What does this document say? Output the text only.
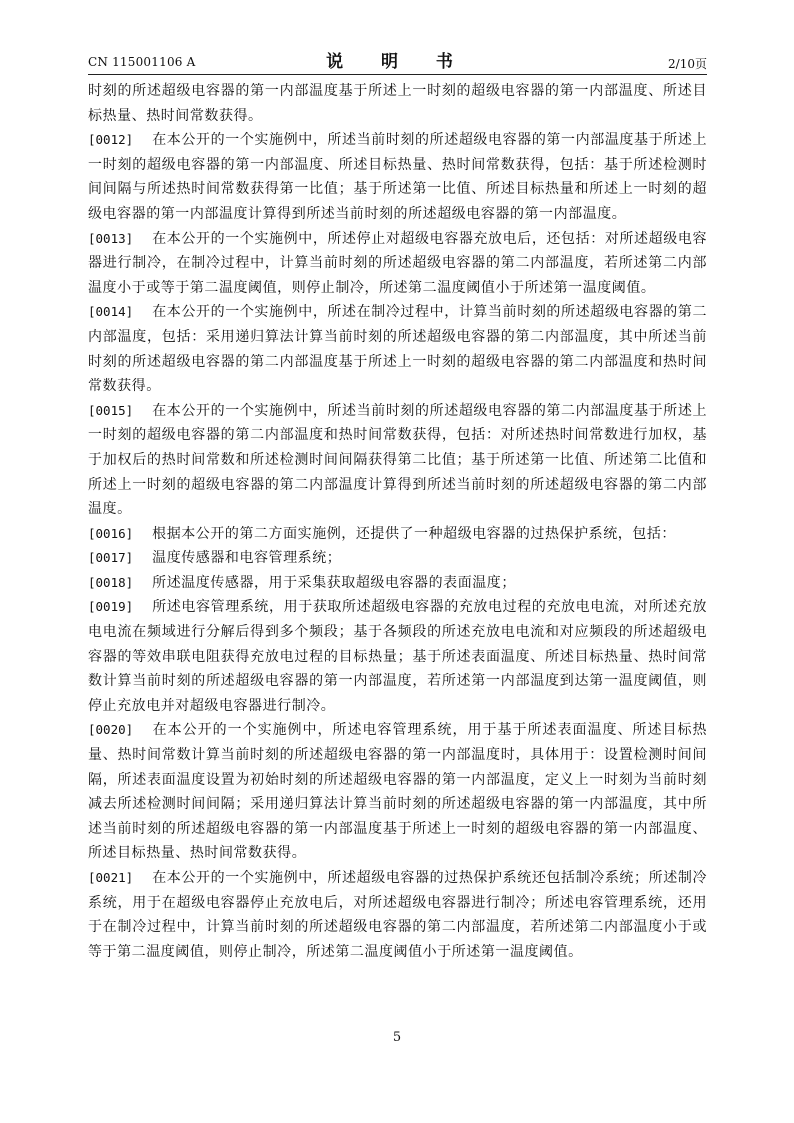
CN 115001106 A	说 明 书	2/10页

时刻的所述超级电容器的第一内部温度基于所述上一时刻的超级电容器的第一内部温度、所述目标热量、热时间常数获得。

[0012] 在本公开的一个实施例中，所述当前时刻的所述超级电容器的第一内部温度基于所述上一时刻的超级电容器的第一内部温度、所述目标热量、热时间常数获得，包括：基于所述检测时间间隔与所述热时间常数获得第一比值；基于所述第一比值、所述目标热量和所述上一时刻的超级电容器的第一内部温度计算得到所述当前时刻的所述超级电容器的第一内部温度。

[0013] 在本公开的一个实施例中，所述停止对超级电容器充放电后，还包括：对所述超级电容器进行制冷，在制冷过程中，计算当前时刻的所述超级电容器的第二内部温度，若所述第二内部温度小于或等于第二温度阈值，则停止制冷，所述第二温度阈值小于所述第一温度阈值。

[0014] 在本公开的一个实施例中，所述在制冷过程中，计算当前时刻的所述超级电容器的第二内部温度，包括：采用递归算法计算当前时刻的所述超级电容器的第二内部温度，其中所述当前时刻的所述超级电容器的第二内部温度基于所述上一时刻的超级电容器的第二内部温度和热时间常数获得。

[0015] 在本公开的一个实施例中，所述当前时刻的所述超级电容器的第二内部温度基于所述上一时刻的超级电容器的第二内部温度和热时间常数获得，包括：对所述热时间常数进行加权，基于加权后的热时间常数和所述检测时间间隔获得第二比值；基于所述第一比值、所述第二比值和所述上一时刻的超级电容器的第二内部温度计算得到所述当前时刻的所述超级电容器的第二内部温度。

[0016] 根据本公开的第二方面实施例，还提供了一种超级电容器的过热保护系统，包括：

[0017] 温度传感器和电容管理系统；

[0018] 所述温度传感器，用于采集获取超级电容器的表面温度；

[0019] 所述电容管理系统，用于获取所述超级电容器的充放电过程的充放电电流，对所述充放电电流在频域进行分解后得到多个频段；基于各频段的所述充放电电流和对应频段的所述超级电容器的等效串联电阻获得充放电过程的目标热量；基于所述表面温度、所述目标热量、热时间常数计算当前时刻的所述超级电容器的第一内部温度，若所述第一内部温度到达第一温度阈值，则停止充放电并对超级电容器进行制冷。

[0020] 在本公开的一个实施例中，所述电容管理系统，用于基于所述表面温度、所述目标热量、热时间常数计算当前时刻的所述超级电容器的第一内部温度时，具体用于：设置检测时间间隔，所述表面温度设置为初始时刻的所述超级电容器的第一内部温度，定义上一时刻为当前时刻减去所述检测时间间隔；采用递归算法计算当前时刻的所述超级电容器的第一内部温度，其中所述当前时刻的所述超级电容器的第一内部温度基于所述上一时刻的超级电容器的第一内部温度、所述目标热量、热时间常数获得。

[0021] 在本公开的一个实施例中，所述超级电容器的过热保护系统还包括制冷系统；所述制冷系统，用于在超级电容器停止充放电后，对所述超级电容器进行制冷；所述电容管理系统，还用于在制冷过程中，计算当前时刻的所述超级电容器的第二内部温度，若所述第二内部温度小于或等于第二温度阈值，则停止制冷，所述第二温度阈值小于所述第一温度阈值。

5
